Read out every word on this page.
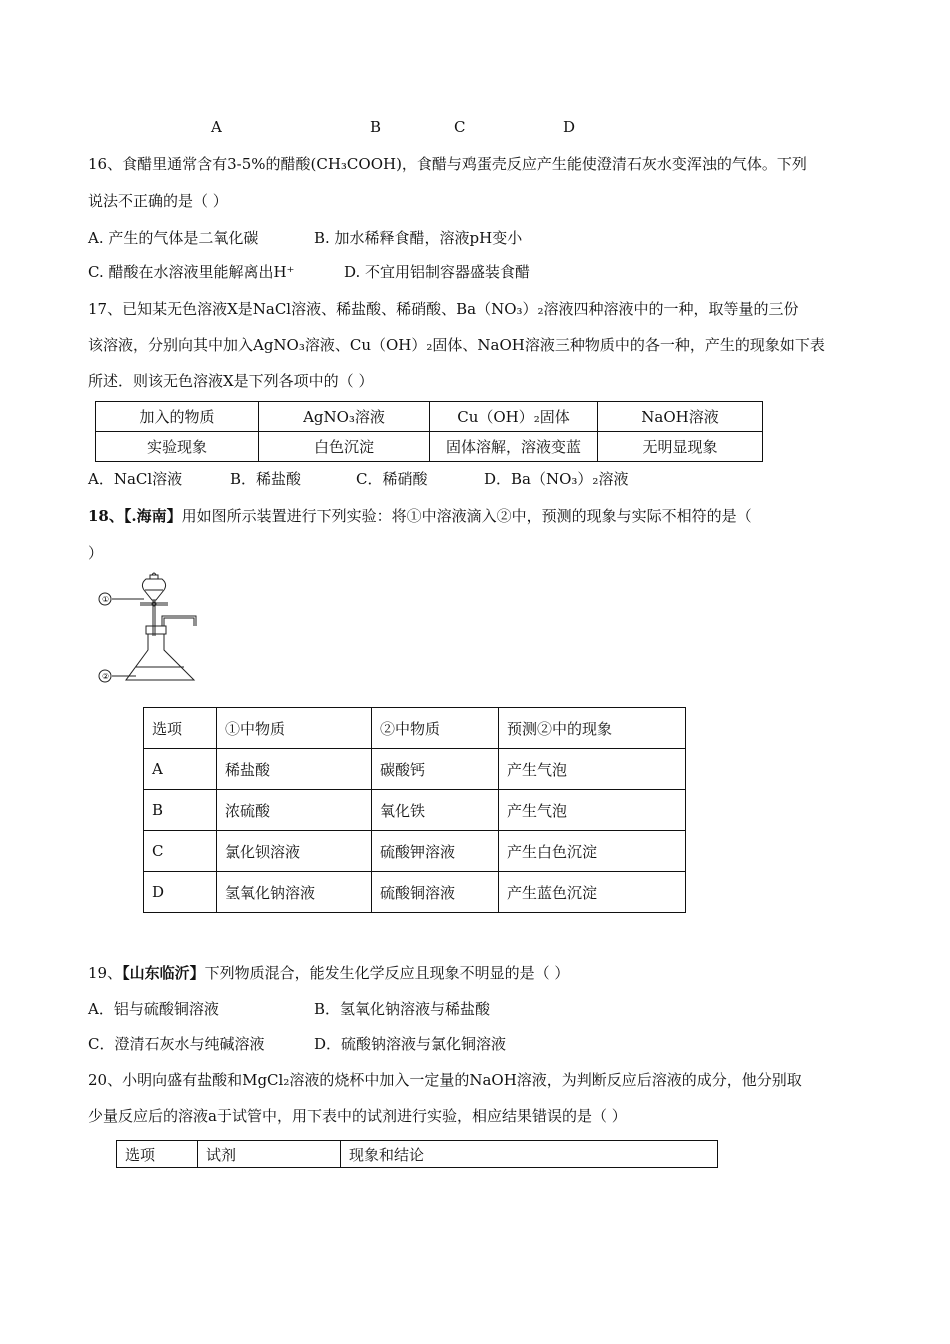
A	B	C	D
16、食醋里通常含有3-5%的醋酸(CH₃COOH)，食醋与鸡蛋壳反应产生能使澄清石灰水变浑浊的气体。下列
说法不正确的是（ ）
A. 产生的气体是二氧化碳	B. 加水稀释食醋，溶液pH变小
C. 醋酸在水溶液里能解离出H⁺	D. 不宜用铝制容器盛装食醋
17、已知某无色溶液X是NaCl溶液、稀盐酸、稀硝酸、Ba（NO₃）₂溶液四种溶液中的一种，取等量的三份
该溶液，分别向其中加入AgNO₃溶液、Cu（OH）₂固体、NaOH溶液三种物质中的各一种，产生的现象如下表
所述．则该无色溶液X是下列各项中的（ ）
加入的物质	AgNO₃溶液	Cu（OH）₂固体	NaOH溶液
实验现象	白色沉淀	固体溶解，溶液变蓝	无明显现象
A．NaCl溶液	B．稀盐酸	C．稀硝酸	D．Ba（NO₃）₂溶液
18、【.海南】用如图所示装置进行下列实验：将①中溶液滴入②中，预测的现象与实际不相符的是（
）
①
②
选项	①中物质	②中物质	预测②中的现象
A	稀盐酸	碳酸钙	产生气泡
B	浓硫酸	氧化铁	产生气泡
C	氯化钡溶液	硫酸钾溶液	产生白色沉淀
D	氢氧化钠溶液	硫酸铜溶液	产生蓝色沉淀
19、【山东临沂】下列物质混合，能发生化学反应且现象不明显的是（ ）
A．铝与硫酸铜溶液	B．氢氧化钠溶液与稀盐酸
C．澄清石灰水与纯碱溶液	D．硫酸钠溶液与氯化铜溶液
20、小明向盛有盐酸和MgCl₂溶液的烧杯中加入一定量的NaOH溶液，为判断反应后溶液的成分，他分别取
少量反应后的溶液a于试管中，用下表中的试剂进行实验，相应结果错误的是（ ）
选项	试剂	现象和结论
